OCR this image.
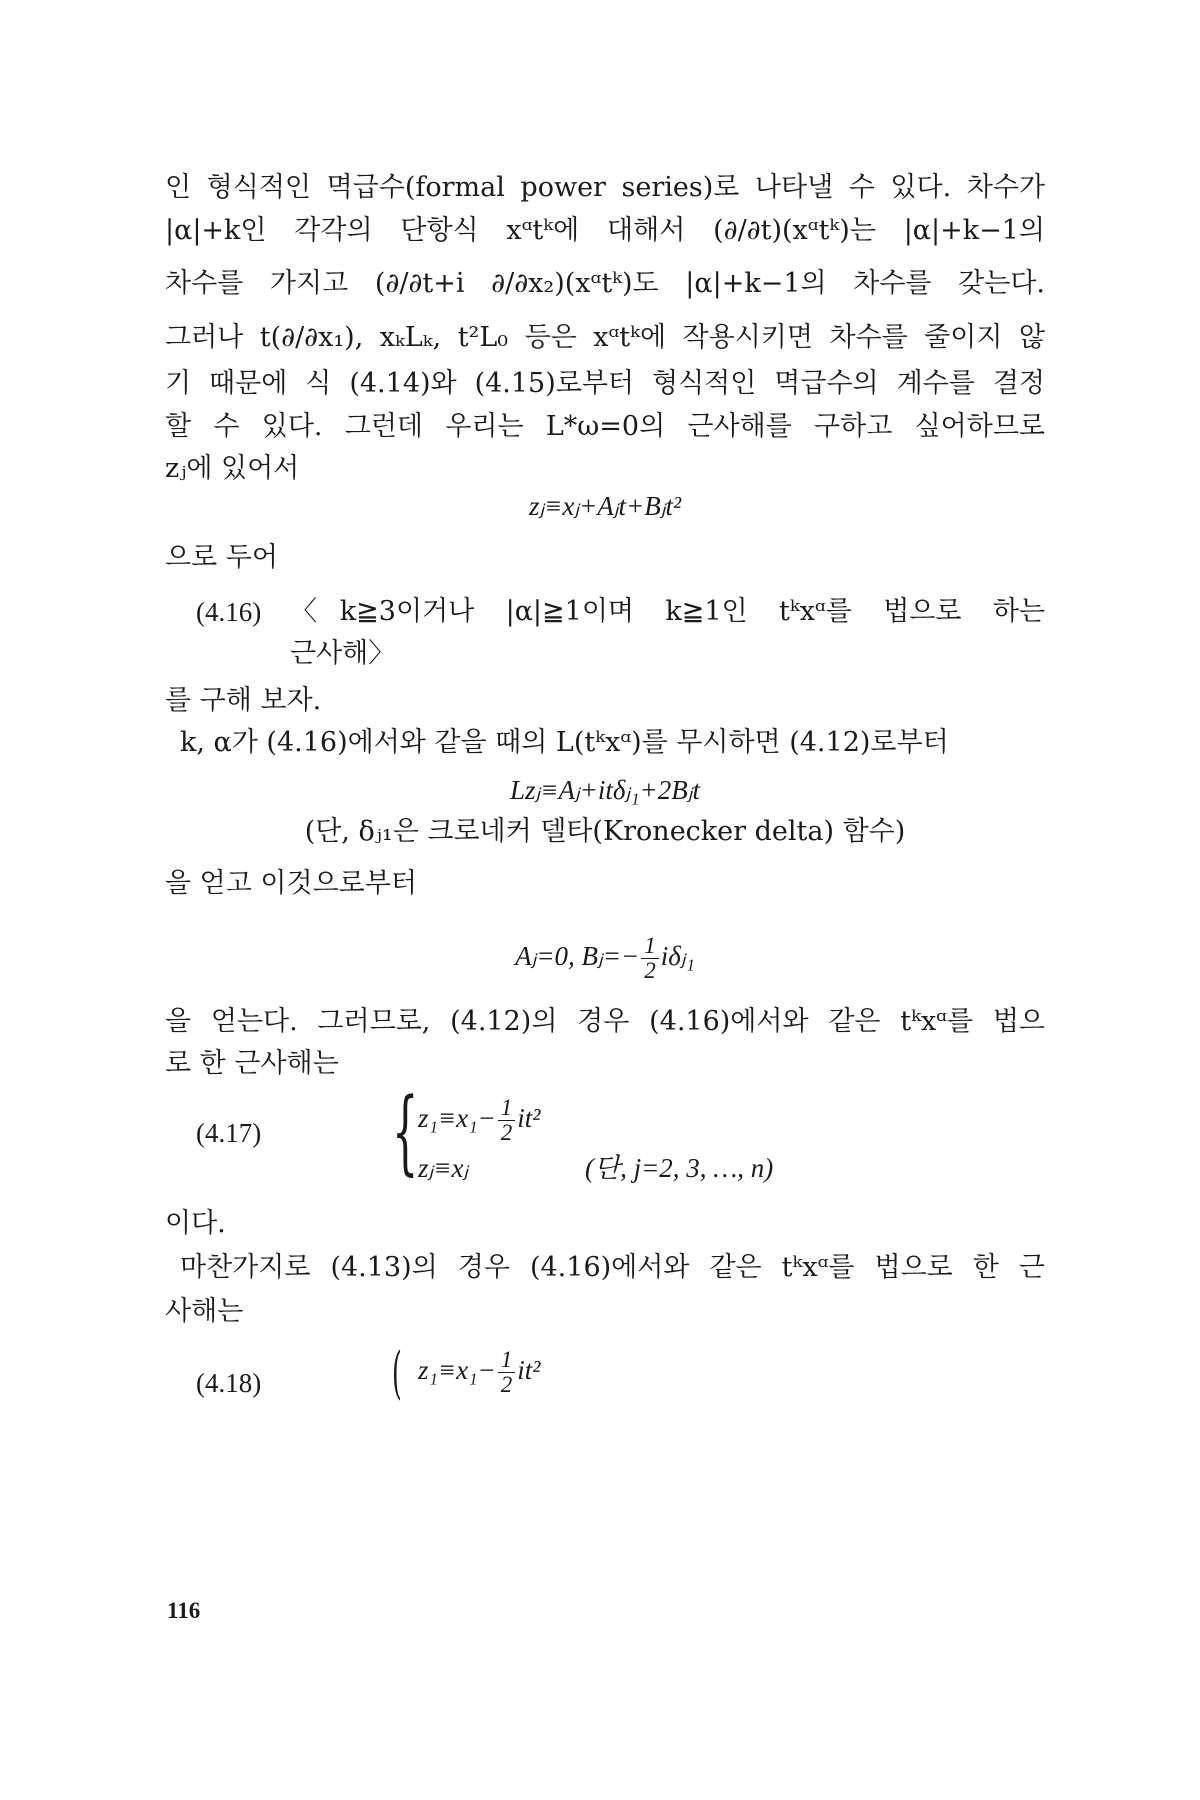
인 형식적인 멱급수(formal power series)로 나타낼 수 있다. 차수가
|α|+k인 각각의 단항식 xᵅtᵏ에 대해서 (∂/∂t)(xᵅtᵏ)는 |α|+k−1의
차수를 가지고 (∂/∂t+i ∂/∂x₂)(xᵅtᵏ)도 |α|+k−1의 차수를 갖는다.
그러나 t(∂/∂x₁), xₖLₖ, t²L₀ 등은 xᵅtᵏ에 작용시키면 차수를 줄이지 않
기 때문에 식 (4.14)와 (4.15)로부터 형식적인 멱급수의 계수를 결정
할 수 있다. 그런데 우리는 L*ω=0의 근사해를 구하고 싶어하므로
zⱼ에 있어서
zⱼ≡xⱼ+Aⱼt+Bⱼt²
으로 두어
(4.16) 〈k≧3이거나 |α|≧1이며 k≧1인 tᵏxᵅ를 법으로 하는
근사해〉
를 구해 보자.
k, α가 (4.16)에서와 같을 때의 L(tᵏxᵅ)를 무시하면 (4.12)로부터
Lzⱼ≡Aⱼ+itδⱼ₁+2Bⱼt
(단, δⱼ₁은 크로네커 델타(Kronecker delta) 함수)
을 얻고 이것으로부터
Aⱼ=0, Bⱼ=− $\frac{1}{2}$ iδⱼ₁
을 얻는다. 그러므로, (4.12)의 경우 (4.16)에서와 같은 tᵏxᵅ를 법으
로 한 근사해는
(4.17) { $z_1\equiv x_1- \frac{1}{2} it^2$
zⱼ≡xⱼ	(단, j=2, 3, …, n)
이다.
마찬가지로 (4.13)의 경우 (4.16)에서와 같은 tᵏxᵅ를 법으로 한 근
사해는
(4.18) ( $z_1\equiv x_1- \frac{1}{2} it^2$
116
